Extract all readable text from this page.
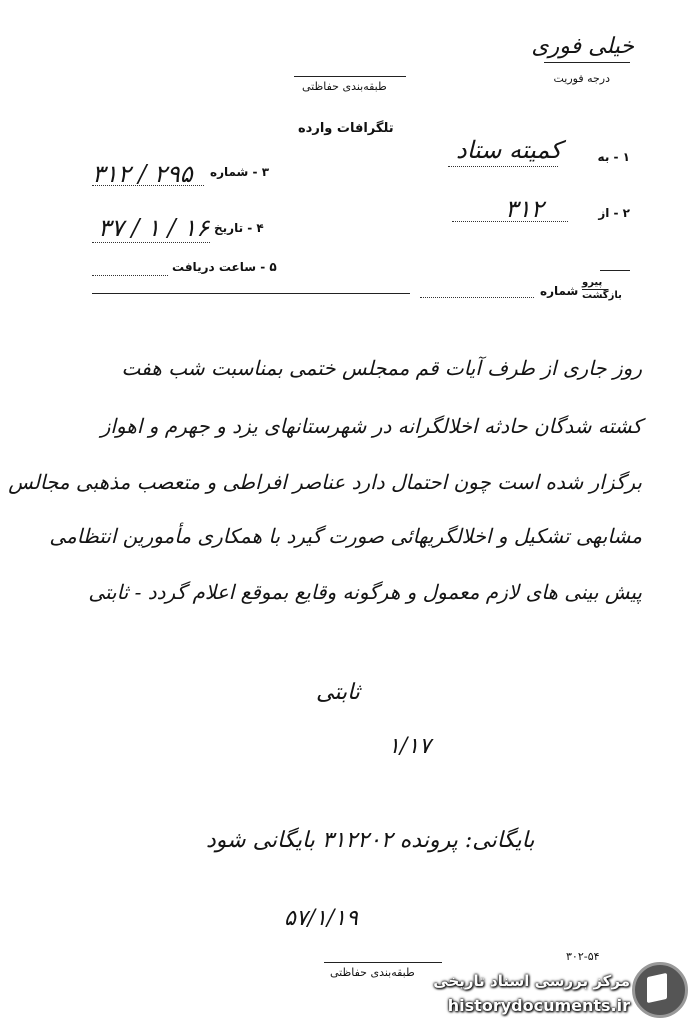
خیلی فوری
درجه فوریت
طبقه‌بندی حفاظتی
تلگرافات وارده
۱ - به
کمیته ستاد
۳ - شماره
۳۱۲ / ۲۹۵
۲ - از
۳۱۲
۴ - تاریخ
۳۷ / ۱ / ۱۶
۵ - ساعت دریافت
پیرو
بازگشت
شماره
روز جاری از طرف آیات قم ممجلس ختمی بمناسبت شب هفت
کشته شدگان حادثه اخلالگرانه در شهرستانهای یزد و جهرم و اهواز
برگزار شده است چون احتمال دارد عناصر افراطی و متعصب مذهبی مجالس
مشابهی تشکیل و اخلالگریهائی صورت گیرد با همکاری مأمورین انتظامی
پیش بینی های لازم معمول و هرگونه وقایع بموقع اعلام گردد - ثابتی
ثابتی
۱/۱۷
بایگانی: پرونده ۳۱۲۲۰۲ بایگانی شود
۵۷/۱/۱۹
۳۰۲-۵۴
طبقه‌بندی حفاظتی مرکز بررسی اسناد تاریخی
historydocuments.ir
